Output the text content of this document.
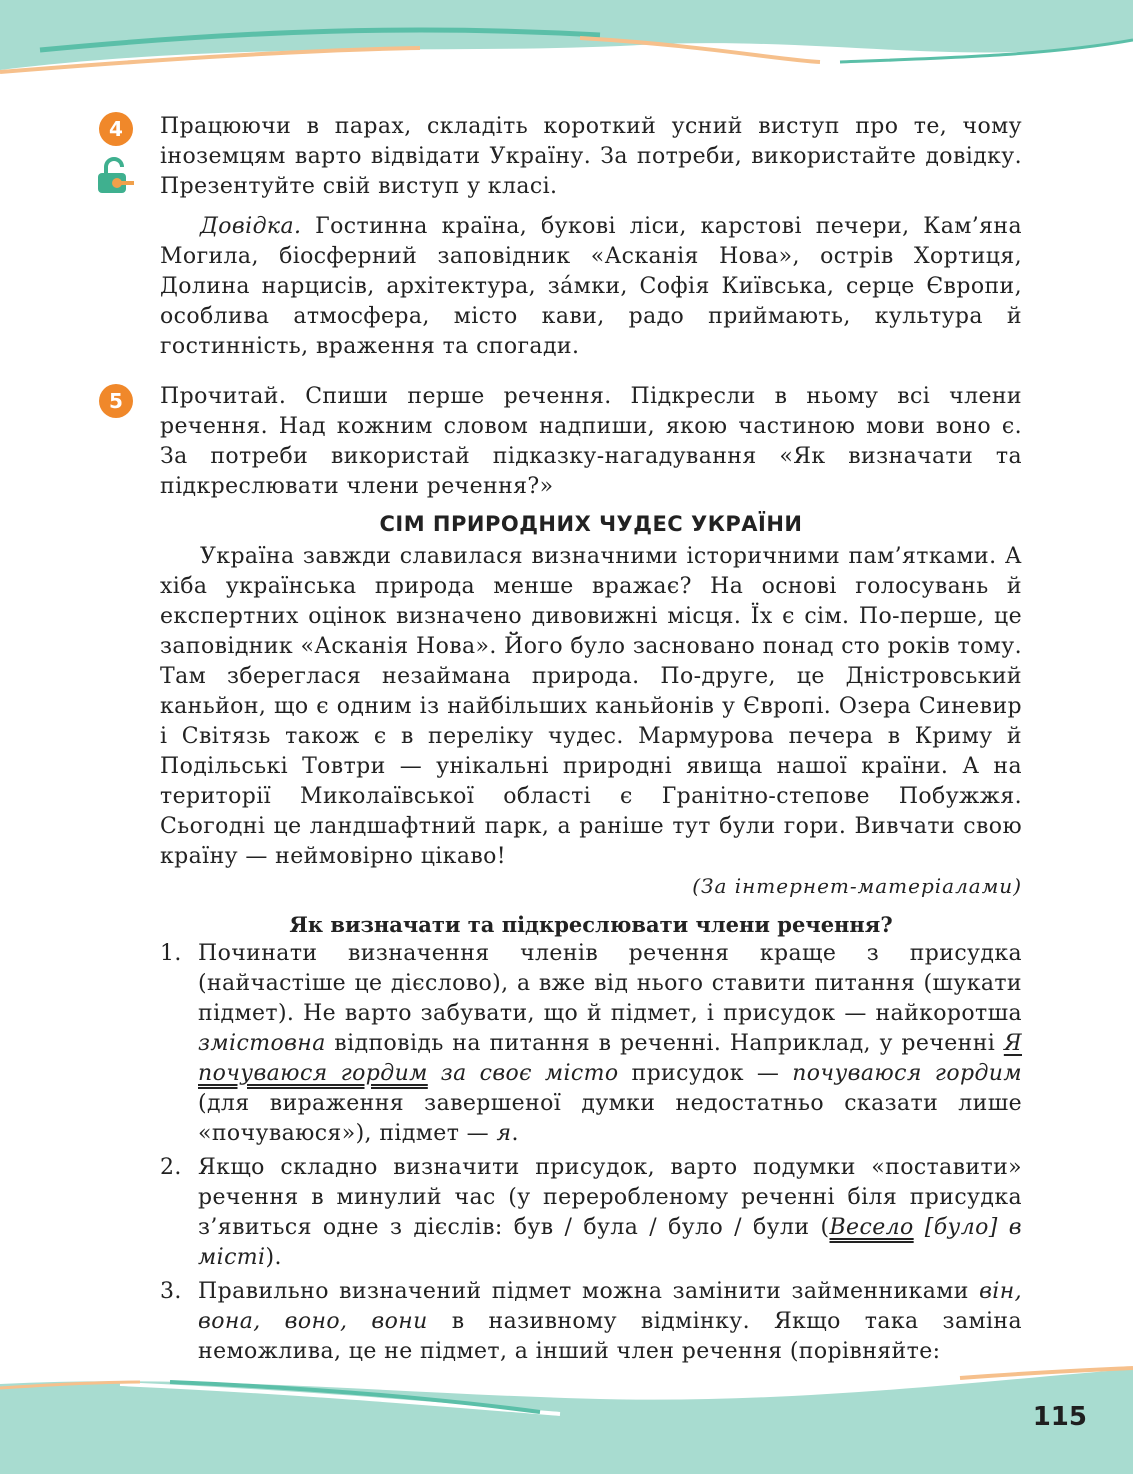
4
5

Працюючи в парах, складіть короткий усний виступ про те, чому іноземцям варто відвідати Україну. За потреби, використайте довідку. Презентуйте свій виступ у класі.

Довідка. Гостинна країна, букові ліси, карстові печери, Кам’яна Могила, біосферний заповідник «Асканія Нова», острів Хортиця, Долина нарцисів, архітектура, за́мки, Софія Київська, серце Європи, особлива атмосфера, місто кави, радо приймають, культура й гостинність, враження та спогади.

Прочитай. Спиши перше речення. Підкресли в ньому всі члени речення. Над кожним словом надпиши, якою частиною мови воно є. За потреби використай підказку-нагадування «Як визначати та підкреслювати члени речення?»

СІМ ПРИРОДНИХ ЧУДЕС УКРАЇНИ

Україна завжди славилася визначними історичними пам’ятками. А хіба українська природа менше вражає? На основі голосувань й експертних оцінок визначено дивовижні місця. Їх є сім. По-перше, це заповідник «Асканія Нова». Його було засновано понад сто років тому. Там збереглася незаймана природа. По-друге, це Дністровський каньйон, що є одним із найбільших каньйонів у Європі. Озера Синевир і Світязь також є в переліку чудес. Мармурова печера в Криму й Подільські Товтри — унікальні природні явища нашої країни. А на території Миколаївської області є Гранітно-степове Побужжя. Сьогодні це ландшафтний парк, а раніше тут були гори. Вивчати свою країну — неймовірно цікаво!

(За інтернет-матеріалами)

Як визначати та підкреслювати члени речення?
1. Починати визначення членів речення краще з присудка (найчастіше це дієслово), а вже від нього ставити питання (шукати підмет). Не варто забувати, що й підмет, і присудок — найкоротша змістовна відповідь на питання в реченні. Наприклад, у реченні Я почуваюся гордим за своє місто присудок — почуваюся гордим (для вираження завершеної думки недостатньо сказати лише «почуваюся»), підмет — я.

2. Якщо складно визначити присудок, варто подумки «поставити» речення в минулий час (у переробленому реченні біля присудка з’явиться одне з дієслів: був / була / було / були (Весело [було] в місті).

3. Правильно визначений підмет можна замінити займенниками він, вона, воно, вони в називному відмінку. Якщо така заміна неможлива, це не підмет, а інший член речення (порівняйте:

115
